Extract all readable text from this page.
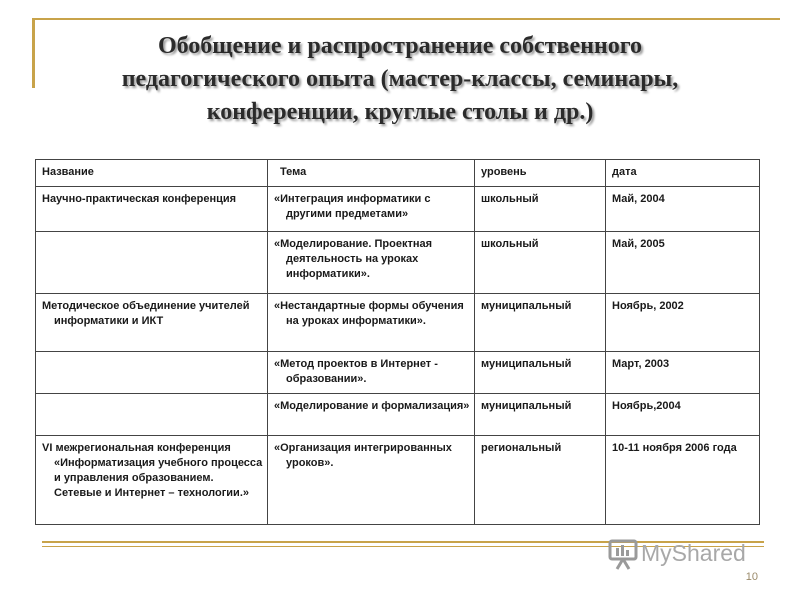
Обобщение и распространение собственного
педагогического опыта (мастер-классы, семинары,
конференции, круглые столы и др.)
Название	Тема	уровень	дата

Научно-практическая конференция	«Интеграция информатики с другими предметами»	школьный	Май, 2004

	«Моделирование. Проектная деятельность на уроках информатики».	школьный	Май, 2005

Методическое объединение учителей информатики и ИКТ	«Нестандартные формы обучения на уроках информатики».	муниципальный	Ноябрь, 2002

	«Метод проектов в Интернет - образовании».	муниципальный	Март, 2003

	«Моделирование и формализация»	муниципальный	Ноябрь,2004

VI межрегиональная конференция «Информатизация учебного процесса и управления образованием. Сетевые и Интернет – технологии.»	«Организация интегрированных уроков».	региональный	10-11 ноября 2006 года
MyShared
10
